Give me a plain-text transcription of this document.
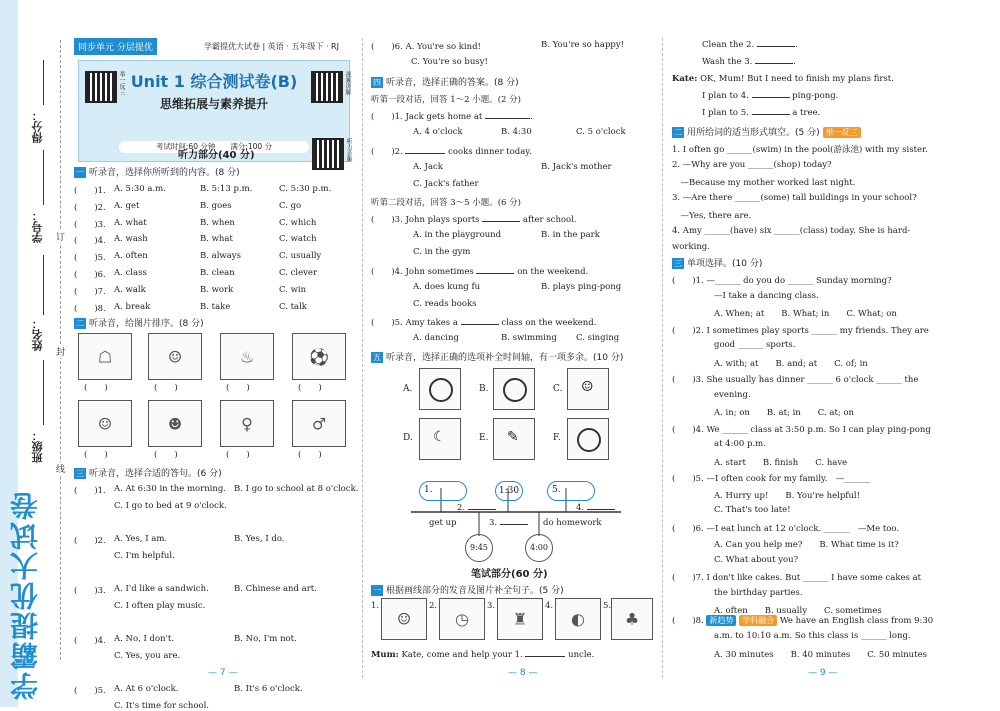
学霸提优大试卷
得分：
学号：
姓名：
班级：
订
封
线
同步单元 分层提优	学霸提优大试卷 | 英语 · 五年级下 · RJ
Unit 1 综合测试卷(B)
思维拓展与素养提升
举一反三	视频讲解
考试时间:60 分钟　　满分:100 分
听力部分(40 分)	听力音频
一 听录音，选择你所听到的内容。(8 分)
二 听录音，给图片排序。(8 分)
☖	☺	♨	⚽
(　　)	(　　)	(　　)	(　　)
☺	☻	♀	♂
(　　)	(　　)	(　　)	(　　)
三 听录音，选择合适的答句。(6 分)
(　　)1. A. 5:30 a.m.	B. 5:13 p.m.	C. 5:30 p.m.
(　　)2. A. get	B. goes	C. go
(　　)3. A. what	B. when	C. which
(　　)4. A. wash	B. what	C. watch
(　　)5. A. often	B. always	C. usually
(　　)6. A. class	B. clean	C. clever
(　　)7. A. walk	B. work	C. win
(　　)8. A. break	B. take	C. talk
(　　)1. A. At 6:30 in the morning. B. I go to school at 8 o'clock.
C. I go to bed at 9 o'clock.
(　　)2. A. Yes, I am.	B. Yes, I do.
C. I'm helpful.
(　　)3. A. I'd like a sandwich.	B. Chinese and art.
C. I often play music.
(　　)4. A. No, I don't.	B. No, I'm not.
C. Yes, you are.
(　　)5. A. At 6 o'clock.	B. It's 6 o'clock.
C. It's time for school.
— 7 —
(　　)6. A. You're so kind!	B. You're so happy!
C. You're so busy!
四 听录音，选择正确的答案。(8 分)
听第一段对话，回答 1～2 小题。(2 分)
(　　)1. Jack gets home at	.
A. 4 o'clock	B. 4:30	C. 5 o'clock
(　　)2.	cooks dinner today.
A. Jack	B. Jack's mother
C. Jack's father
听第二段对话，回答 3～5 小题。(6 分)
(　　)3. John plays sports	after school.
A. in the playground	B. in the park
C. in the gym
(　　)4. John sometimes	on the weekend.
A. does kung fu	B. plays ping-pong
C. reads books
(　　)5. Amy takes a	class on the weekend.
A. dancing	B. swimming C. singing
五 听录音，选择正确的选项补全时间轴，有一项多余。(10 分)
A.	B.	C. ☺
D. ☾	E. ✎	F.
1.	1:30	5.
2.	4.
get up	3.	do homework
9:45	4:00
笔试部分(60 分)
一 根据画线部分的发音及图片补全句子。(5 分)
1.
☺
2.
◷
3.
♜
4.
◐
5.
♣
Mum: Kate, come and help your 1.	uncle.
— 8 —
Clean the 2.	.
Wash the 3.	.
Kate: OK, Mum! But I need to finish my plans first.
I plan to 4.	ping-pong.
I plan to 5.	a tree.
二 用所给词的适当形式填空。(5 分) 举一反三
三 单项选择。(10 分)
(　　)8. 新趋势 学科融合 We have an English class from 9:30
a.m. to 10:10 a.m. So this class is ______ long.
A. 30 minutes　　B. 40 minutes　　C. 50 minutes
1. I often go ______(swim) in the pool(游泳池) with my sister.
2. —Why are you ______(shop) today?
　—Because my mother worked last night.
3. —Are there ______(some) tall buildings in your school?
　—Yes, there are.
4. Amy ______(have) six ______(class) today. She is hard-
working.
(　　)1. —______ do you do ______ Sunday morning?
—I take a dancing class.
A. When; at　　B. What; in　　C. What; on
(　　)2. I sometimes play sports ______ my friends. They are
good ______ sports.
A. with; at　　B. and; at　　C. of; in
(　　)3. She usually has dinner ______ 6 o'clock ______ the
evening.
A. in; on　　B. at; in　　C. at; on
(　　)4. We ______ class at 3:50 p.m. So I can play ping-pong
at 4:00 p.m.
A. start　　B. finish　　C. have
(　　)5. —I often cook for my family.　—______
A. Hurry up!　　B. You're helpful!
C. That's too late!
(　　)6. —I eat lunch at 12 o'clock. ______　—Me too.
A. Can you help me?　　B. What time is it?
C. What about you?
(　　)7. I don't like cakes. But ______ I have some cakes at
the birthday parties.
A. often　　B. usually　　C. sometimes
— 9 —
